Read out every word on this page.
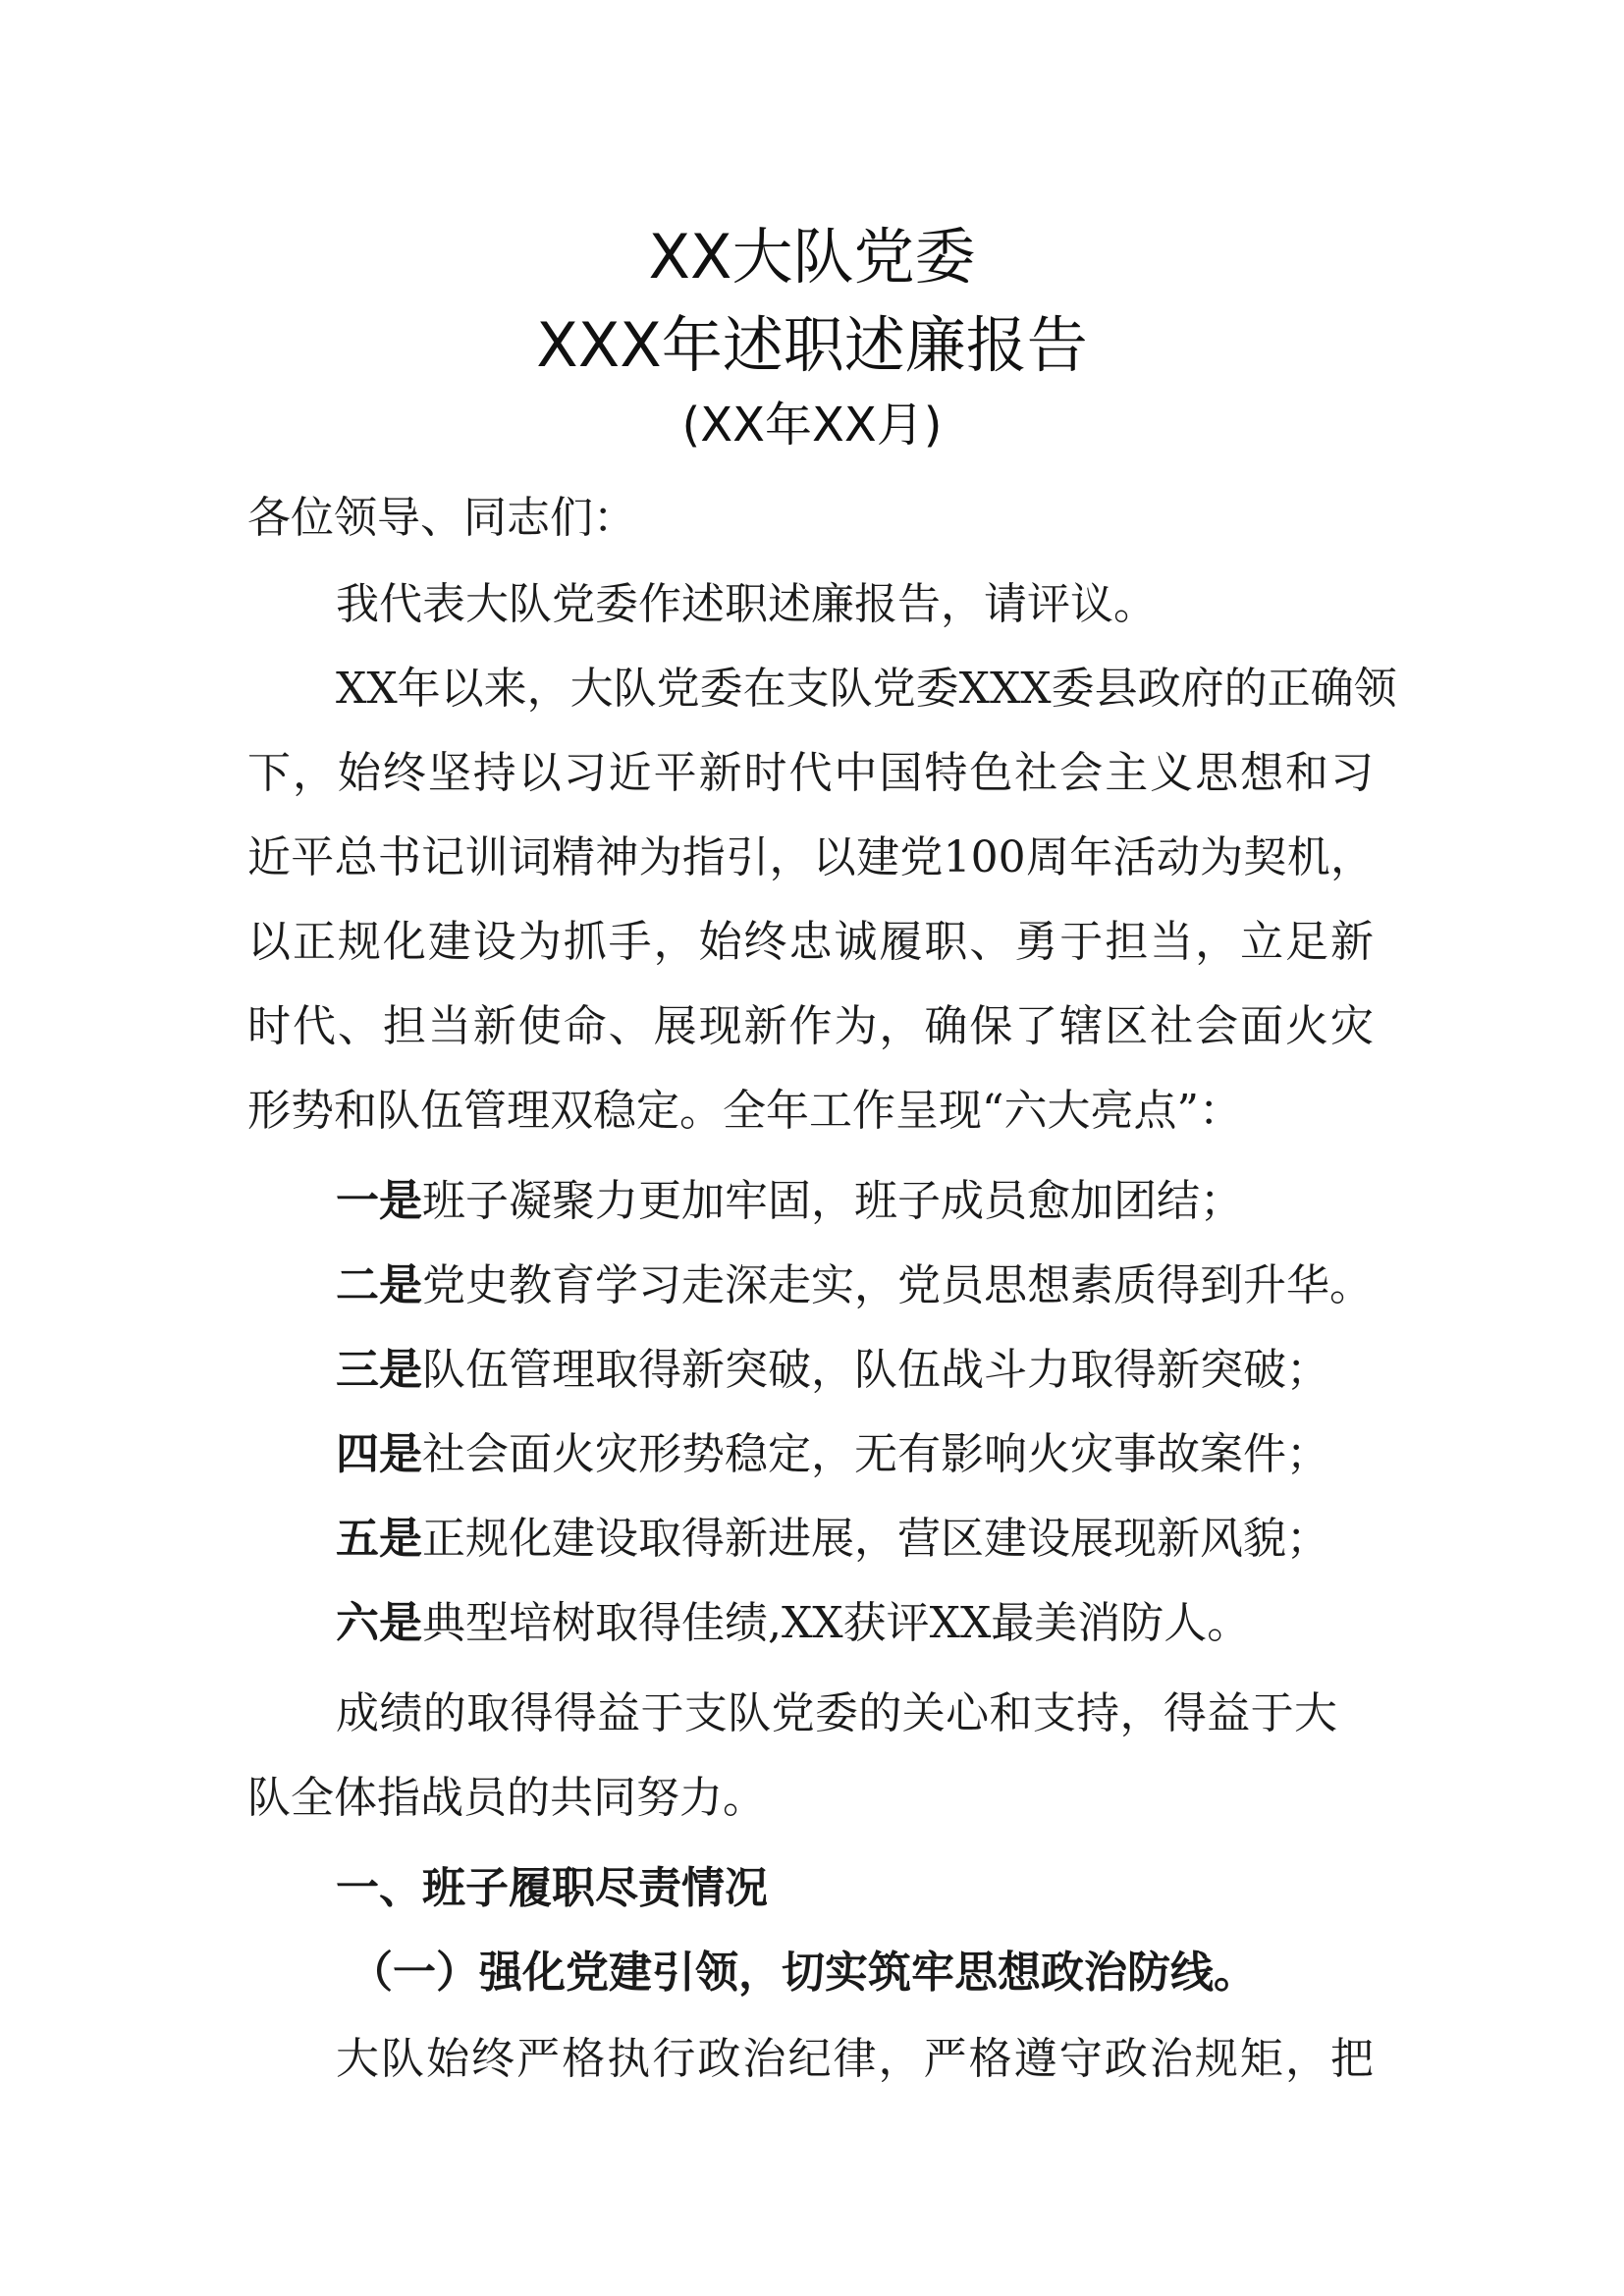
XX大队党委
XXX年述职述廉报告
(XX年XX月)
各位领导、同志们：
我代表大队党委作述职述廉报告，请评议。
XX年以来，大队党委在支队党委XXX委县政府的正确领
下，始终坚持以习近平新时代中国特色社会主义思想和习
近平总书记训词精神为指引，以建党100周年活动为契机，
以正规化建设为抓手，始终忠诚履职、勇于担当，立足新
时代、担当新使命、展现新作为，确保了辖区社会面火灾
形势和队伍管理双稳定。全年工作呈现“六大亮点”：
一是班子凝聚力更加牢固，班子成员愈加团结；
二是党史教育学习走深走实，党员思想素质得到升华。
三是队伍管理取得新突破，队伍战斗力取得新突破；
四是社会面火灾形势稳定，无有影响火灾事故案件；
五是正规化建设取得新进展，营区建设展现新风貌；
六是典型培树取得佳绩,XX获评XX最美消防人。
成绩的取得得益于支队党委的关心和支持，得益于大
队全体指战员的共同努力。
一、班子履职尽责情况
（一）强化党建引领，切实筑牢思想政治防线。
大队始终严格执行政治纪律，严格遵守政治规矩，把
